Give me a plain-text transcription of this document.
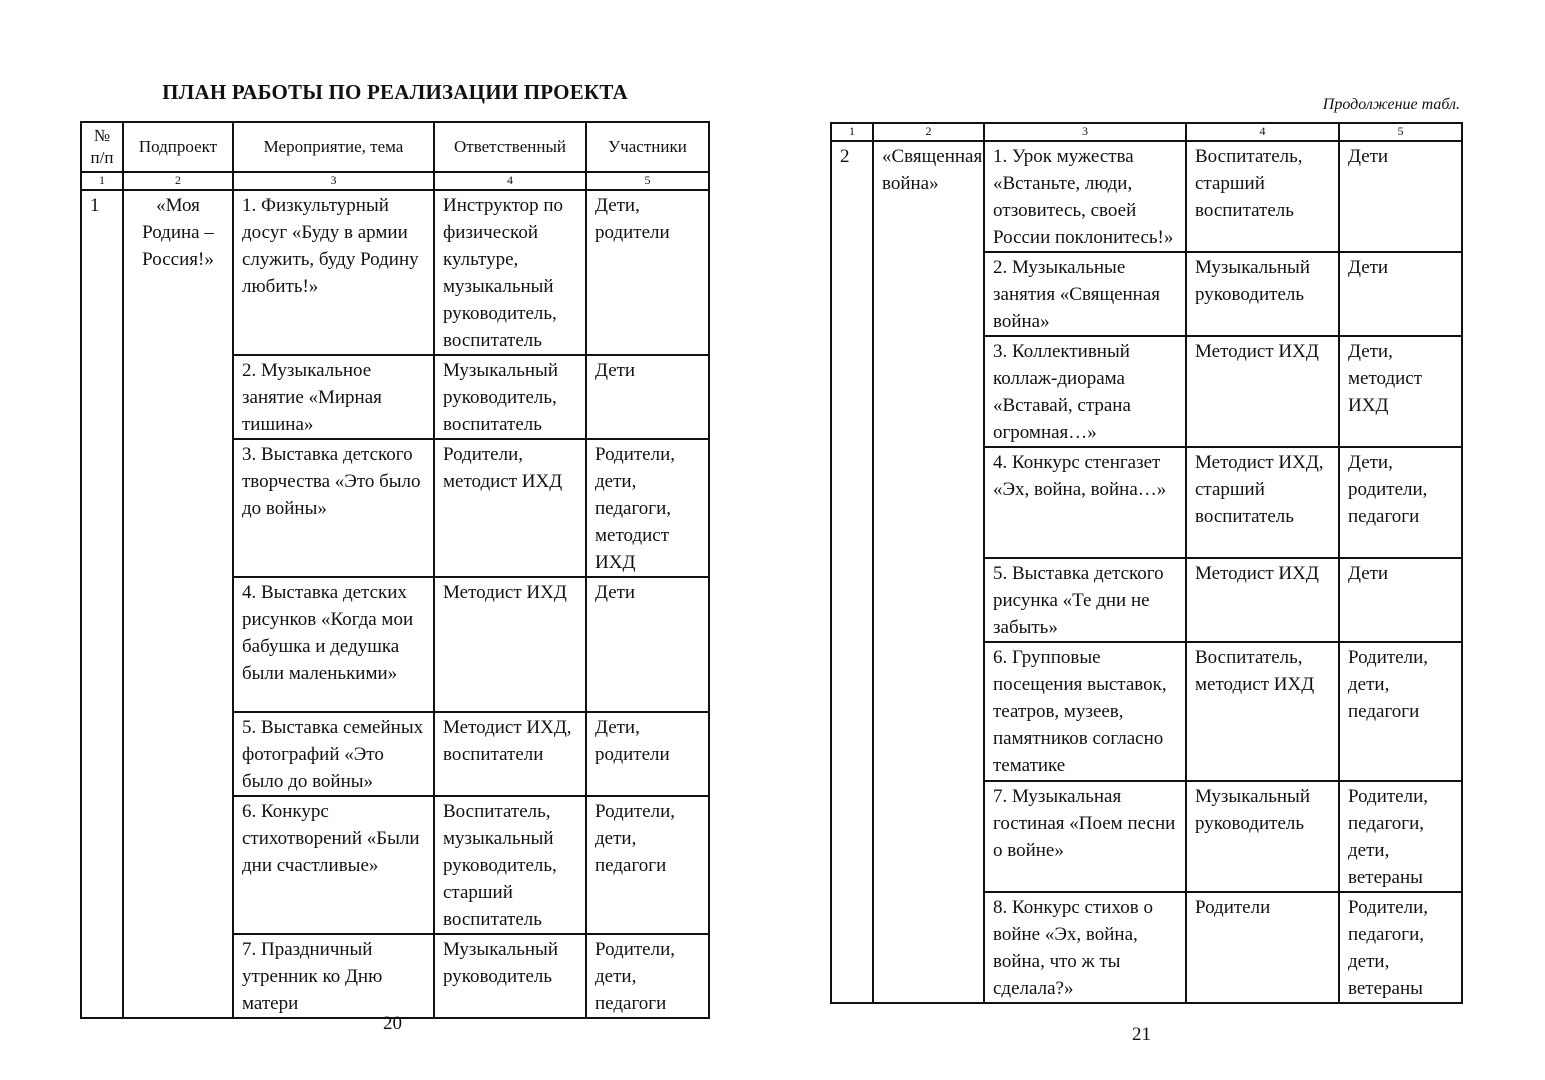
ПЛАН РАБОТЫ ПО РЕАЛИЗАЦИИ ПРОЕКТА
№ п/п	Подпроект	Мероприятие, тема	Ответственный	Участники
1	2	3	4	5
1	«Моя Родина – Россия!»	1. Физкультурный досуг «Буду в армии служить, буду Родину любить!»	Инструктор по физической культуре, музыкальный руководитель, воспитатель	Дети, родители
		2. Музыкальное занятие «Мирная тишина»	Музыкальный руководитель, воспитатель	Дети
		3. Выставка детского творчества «Это было до войны»	Родители, методист ИХД	Родители, дети, педагоги, методист ИХД
		4. Выставка детских рисунков «Когда мои бабушка и дедушка были маленькими»	Методист ИХД	Дети
		5. Выставка семейных фотографий «Это было до войны»	Методист ИХД, воспитатели	Дети, родители
		6. Конкурс стихотворений «Были дни счастливые»	Воспитатель, музыкальный руководитель, старший воспитатель	Родители, дети, педагоги
		7. Праздничный утренник ко Дню матери	Музыкальный руководитель	Родители, дети, педагоги
20
Продолжение табл.
1	2	3	4	5
2	«Священная война»	1. Урок мужества «Встаньте, люди, отзовитесь, своей России поклонитесь!»	Воспитатель, старший воспитатель	Дети
		2. Музыкальные занятия «Священная война»	Музыкальный руководитель	Дети
		3. Коллективный коллаж-диорама «Вставай, страна огромная…»	Методист ИХД	Дети, методист ИХД
		4. Конкурс стенгазет «Эх, война, война…»	Методист ИХД, старший воспитатель	Дети, родители, педагоги
		5. Выставка детского рисунка «Те дни не забыть»	Методист ИХД	Дети
		6. Групповые посещения выставок, театров, музеев, памятников согласно тематике	Воспитатель, методист ИХД	Родители, дети, педагоги
		7. Музыкальная гостиная «Поем песни о войне»	Музыкальный руководитель	Родители, педагоги, дети, ветераны
		8. Конкурс стихов о войне «Эх, война, война, что ж ты сделала?»	Родители	Родители, педагоги, дети, ветераны
21
